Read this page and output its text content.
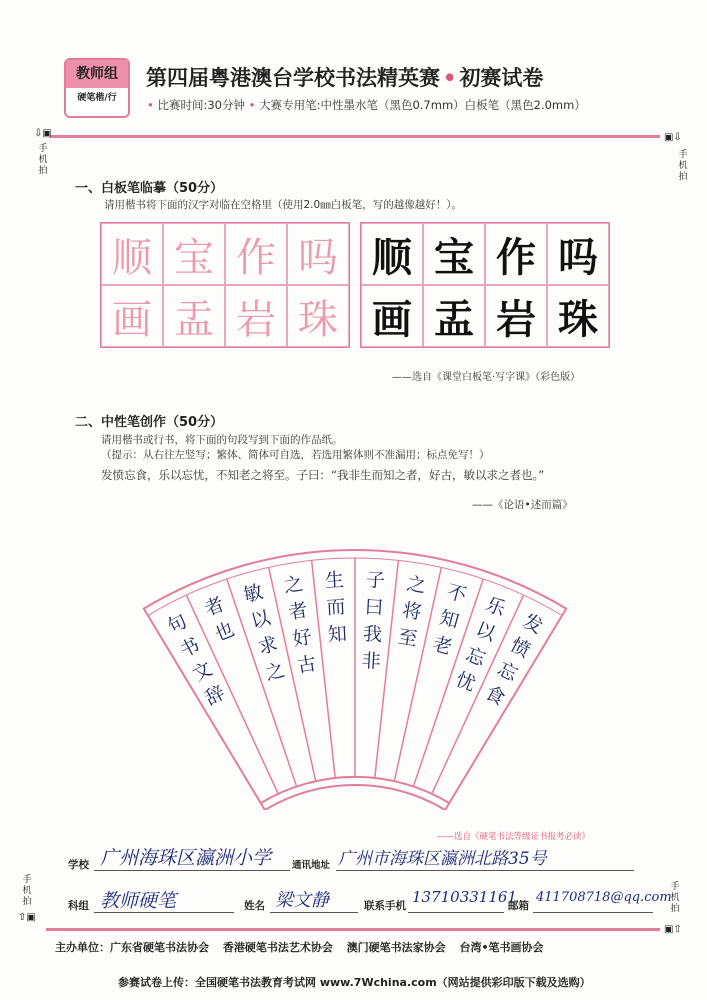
教师组
硬笔楷/行
第四届粤港澳台学校书法精英赛 • 初赛试卷
• 比赛时间:30分钟 • 大赛专用笔:中性墨水笔（黑色0.7mm）白板笔（黑色2.0mm）
⇩▣
手机拍
▣⇩
手机拍
手机拍
⇧▣
手机拍
▣⇧
一、白板笔临摹（50分）
请用楷书将下面的汉字对临在空格里（使用2.0㎜白板笔，写的越像越好！）。
顺 宝 作 吗
画 盂 岩 珠
顺 宝 作 吗
画 盂 岩 珠
——选自《课堂白板笔·写字课》（彩色版）
二、中性笔创作（50分）
请用楷书或行书，将下面的句段写到下面的作品纸。
（提示：从右往左竖写；繁体、简体可自选，若选用繁体则不准漏用；标点免写！）
发愤忘食，乐以忘忧，不知老之将至。子曰：“我非生而知之者，好古，敏以求之者也。”
——《论语•述而篇》
发
愤
忘
食
乐
以
忘
忧
不
知
老
之
将
至
子
曰
我
非
生
而
知
之
者
好
古
敏
以
求
之
者
也
句
书
文
辞
——选自《硬笔书法等级证书报考必读》
学校 广州海珠区瀛洲小学 通讯地址 广州市海珠区瀛洲北路35号
科组 教师硬笔	姓名 梁文静	联系手机 13710331161
邮箱
411708718@qq.com
主办单位：广东省硬笔书法协会 香港硬笔书法艺术协会 澳门硬笔书法家协会 台湾•笔书画协会
参赛试卷上传：全国硬笔书法教育考试网 www.7Wchina.com（网站提供彩印版下载及选购）
